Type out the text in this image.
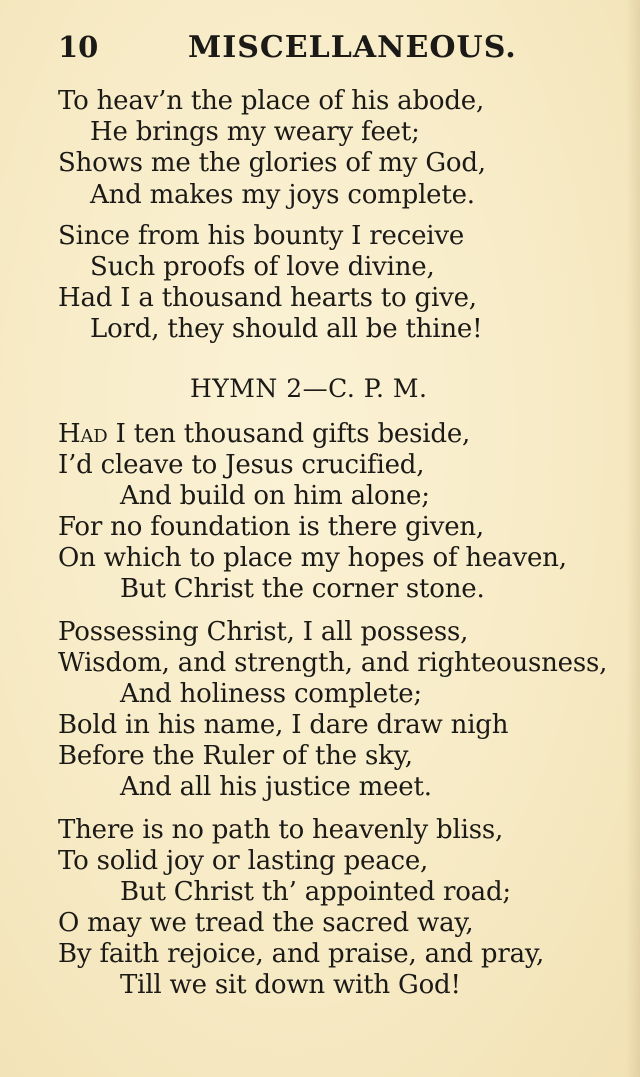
10	MISCELLANEOUS.
To heav’n the place of his abode,
He brings my weary feet;
Shows me the glories of my God,
And makes my joys complete.
Since from his bounty I receive
Such proofs of love divine,
Had I a thousand hearts to give,
Lord, they should all be thine!
HYMN 2—C. P. M.
Had I ten thousand gifts beside,
I’d cleave to Jesus crucified,
And build on him alone;
For no foundation is there given,
On which to place my hopes of heaven,
But Christ the corner stone.
Possessing Christ, I all possess,
Wisdom, and strength, and righteousness,
And holiness complete;
Bold in his name, I dare draw nigh
Before the Ruler of the sky,
And all his justice meet.
There is no path to heavenly bliss,
To solid joy or lasting peace,
But Christ th’ appointed road;
O may we tread the sacred way,
By faith rejoice, and praise, and pray,
Till we sit down with God!
